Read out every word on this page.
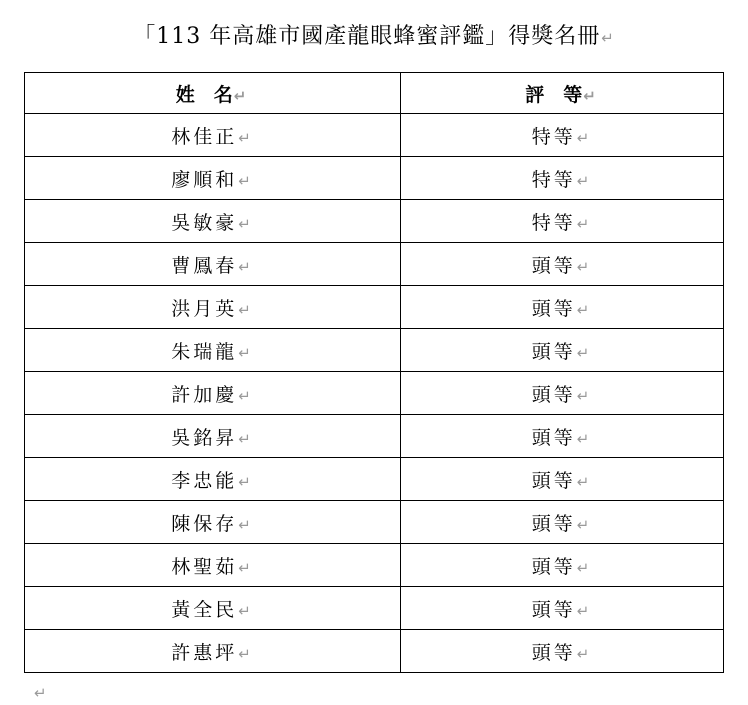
「113 年高雄市國產龍眼蜂蜜評鑑」得獎名冊↵
姓　名↵	評　等↵
林佳正↵	特等↵
廖順和↵	特等↵
吳敏豪↵	特等↵
曹鳳春↵	頭等↵
洪月英↵	頭等↵
朱瑞龍↵	頭等↵
許加慶↵	頭等↵
吳銘昇↵	頭等↵
李忠能↵	頭等↵
陳保存↵	頭等↵
林聖茹↵	頭等↵
黃全民↵	頭等↵
許惠坪↵	頭等↵
↵
